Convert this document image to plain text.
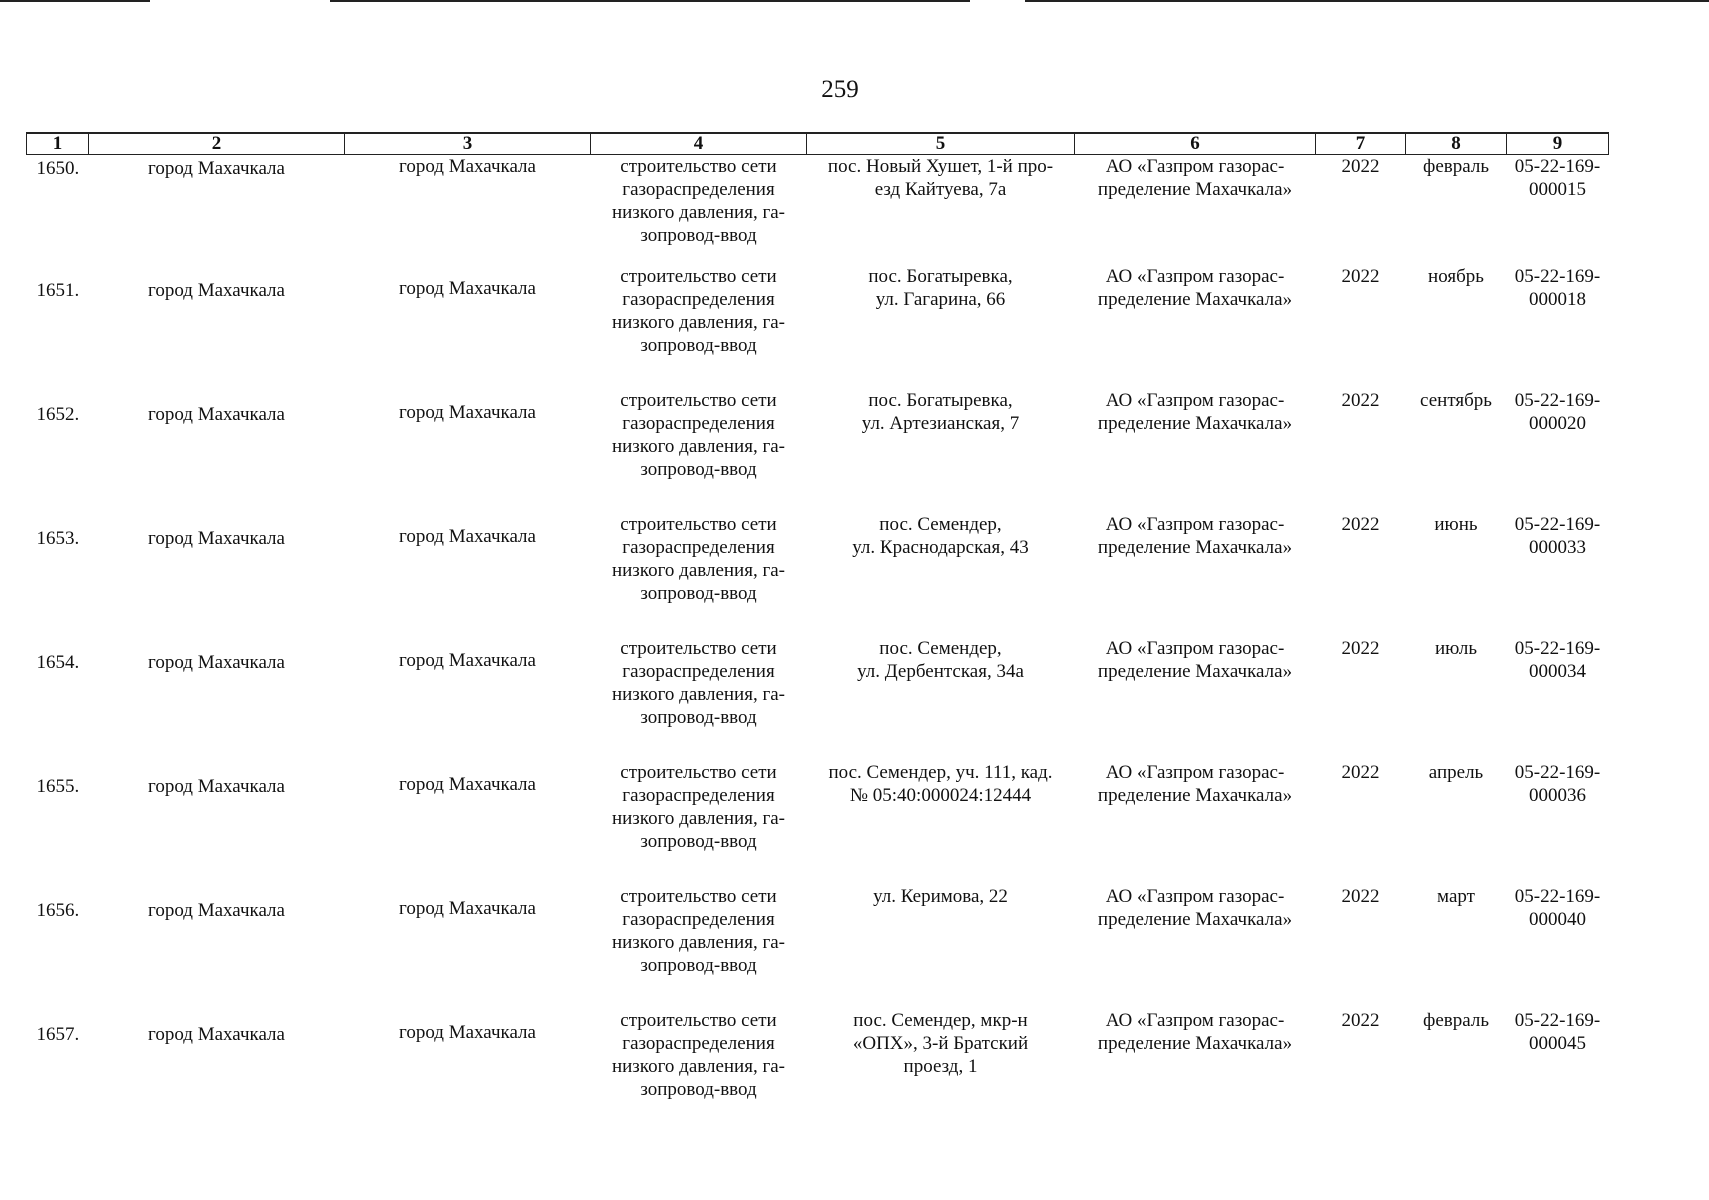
259
1	2	3	4	5	6	7	8	9
1650.	город Махачкала	город Махачкала	строительство сети
газораспределения
низкого давления, га-
зопровод-ввод	пос. Новый Хушет, 1-й про-
езд Кайтуева, 7а	АО «Газпром газорас-
пределение Махачкала»	2022	февраль	05-22-169-
000015

1651.	город Махачкала	город Махачкала	строительство сети
газораспределения
низкого давления, га-
зопровод-ввод	пос. Богатыревка,
ул. Гагарина, 66	АО «Газпром газорас-
пределение Махачкала»	2022	ноябрь	05-22-169-
000018

1652.	город Махачкала	город Махачкала	строительство сети
газораспределения
низкого давления, га-
зопровод-ввод	пос. Богатыревка,
ул. Артезианская, 7	АО «Газпром газорас-
пределение Махачкала»	2022	сентябрь	05-22-169-
000020

1653.	город Махачкала	город Махачкала	строительство сети
газораспределения
низкого давления, га-
зопровод-ввод	пос. Семендер,
ул. Краснодарская, 43	АО «Газпром газорас-
пределение Махачкала»	2022	июнь	05-22-169-
000033

1654.	город Махачкала	город Махачкала	строительство сети
газораспределения
низкого давления, га-
зопровод-ввод	пос. Семендер,
ул. Дербентская, 34а	АО «Газпром газорас-
пределение Махачкала»	2022	июль	05-22-169-
000034

1655.	город Махачкала	город Махачкала	строительство сети
газораспределения
низкого давления, га-
зопровод-ввод	пос. Семендер, уч. 111, кад.
№ 05:40:000024:12444	АО «Газпром газорас-
пределение Махачкала»	2022	апрель	05-22-169-
000036

1656.	город Махачкала	город Махачкала	строительство сети
газораспределения
низкого давления, га-
зопровод-ввод	ул. Керимова, 22	АО «Газпром газорас-
пределение Махачкала»	2022	март	05-22-169-
000040

1657.	город Махачкала	город Махачкала	строительство сети
газораспределения
низкого давления, га-
зопровод-ввод	пос. Семендер, мкр-н
«ОПХ», 3-й Братский
проезд, 1	АО «Газпром газорас-
пределение Махачкала»	2022	февраль	05-22-169-
000045
